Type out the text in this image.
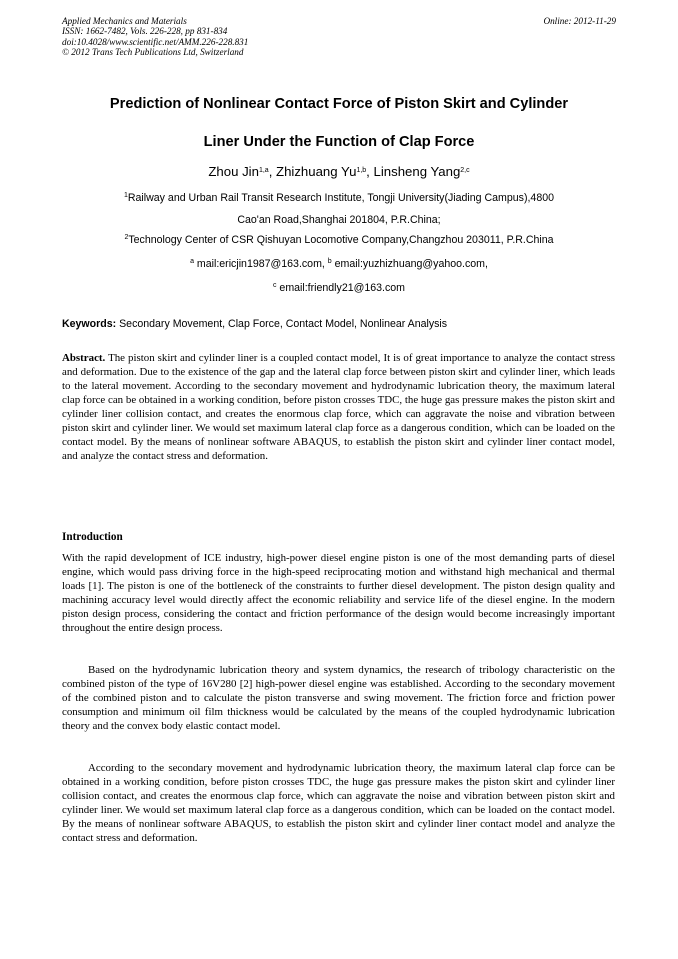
Applied Mechanics and Materials
ISSN: 1662-7482, Vols. 226-228, pp 831-834
doi:10.4028/www.scientific.net/AMM.226-228.831
© 2012 Trans Tech Publications Ltd, Switzerland
Online: 2012-11-29
Prediction of Nonlinear Contact Force of Piston Skirt and Cylinder
Liner Under the Function of Clap Force
Zhou Jin$^{1,a}$, Zhizhuang Yu$^{1,b}$, Linsheng Yang$^{2,c}$
$^1$Railway and Urban Rail Transit Research Institute, Tongji University(Jiading Campus),4800
Cao'an Road,Shanghai 201804, P.R.China;
$^2$Technology Center of CSR Qishuyan Locomotive Company,Changzhou 203011, P.R.China
$^a$ mail:ericjin1987@163.com, $^b$ email:yuzhizhuang@yahoo.com,
$^c$ email:friendly21@163.com
Keywords: Secondary Movement, Clap Force, Contact Model, Nonlinear Analysis
Abstract. The piston skirt and cylinder liner is a coupled contact model, It is of great importance to analyze the contact stress and deformation. Due to the existence of the gap and the lateral clap force between piston skirt and cylinder liner, which leads to the lateral movement. According to the secondary movement and hydrodynamic lubrication theory, the maximum lateral clap force can be obtained in a working condition, before piston crosses TDC, the huge gas pressure makes the piston skirt and cylinder liner collision contact, and creates the enormous clap force, which can aggravate the noise and vibration between piston skirt and cylinder liner. We would set maximum lateral clap force as a dangerous condition, which can be loaded on the contact model. By the means of nonlinear software ABAQUS, to establish the piston skirt and cylinder liner contact model, and analyze the contact stress and deformation.
Introduction
With the rapid development of ICE industry, high-power diesel engine piston is one of the most demanding parts of diesel engine, which would pass driving force in the high-speed reciprocating motion and withstand high mechanical and thermal loads [1]. The piston is one of the bottleneck of the constraints to further diesel development. The piston design quality and machining accuracy level would directly affect the economic reliability and service life of the diesel engine. In the modern piston design process, considering the contact and friction performance of the design would become increasingly important throughout the entire design process.
Based on the hydrodynamic lubrication theory and system dynamics, the research of tribology characteristic on the combined piston of the type of 16V280 [2] high-power diesel engine was established. According to the secondary movement of the combined piston and to calculate the piston transverse and swing movement. The friction force and friction power consumption and minimum oil film thickness would be calculated by the means of the coupled hydrodynamic lubrication theory and the convex body elastic contact model.
According to the secondary movement and hydrodynamic lubrication theory, the maximum lateral clap force can be obtained in a working condition, before piston crosses TDC, the huge gas pressure makes the piston skirt and cylinder liner collision contact, and creates the enormous clap force, which can aggravate the noise and vibration between piston skirt and cylinder liner. We would set maximum lateral clap force as a dangerous condition, which can be loaded on the contact model. By the means of nonlinear software ABAQUS, to establish the piston skirt and cylinder liner contact model and analyze the contact stress and deformation.
